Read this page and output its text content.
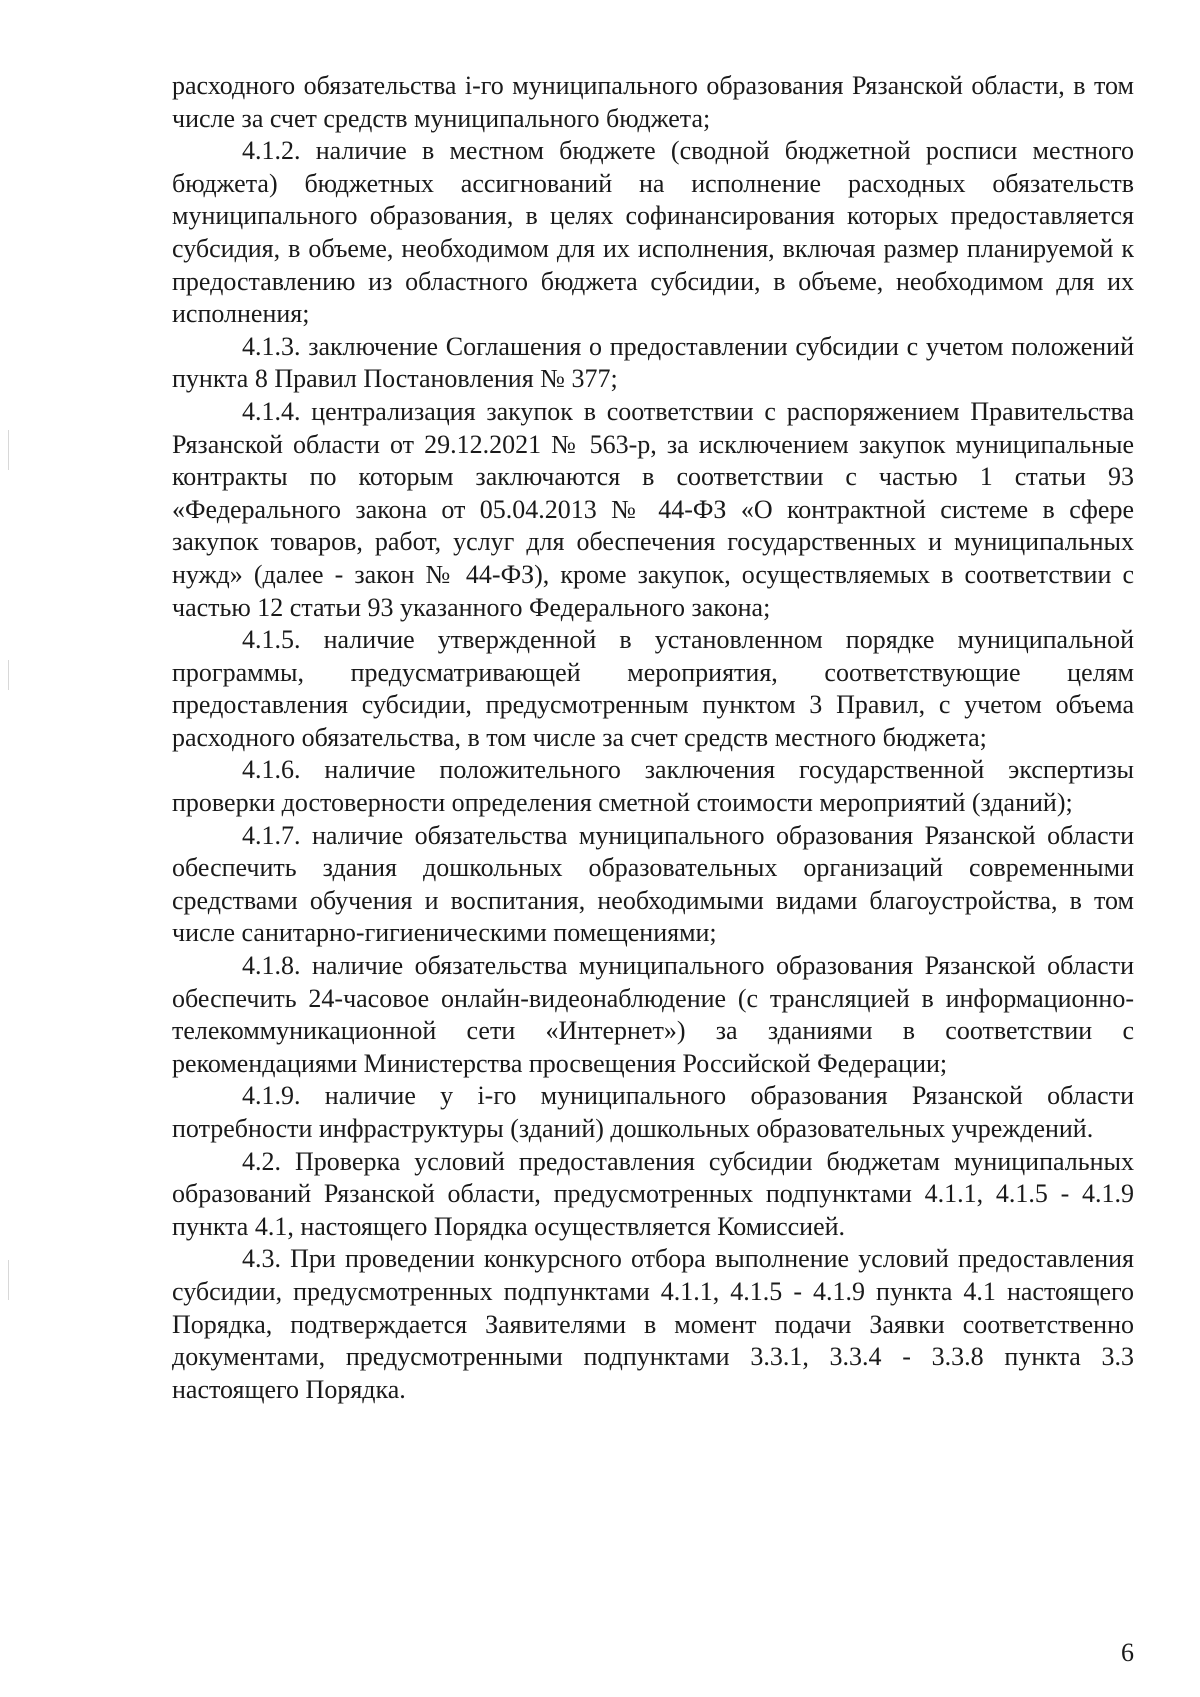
расходного обязательства i-го муниципального образования Рязанской области, в том числе за счет средств муниципального бюджета;

4.1.2. наличие в местном бюджете (сводной бюджетной росписи местного бюджета) бюджетных ассигнований на исполнение расходных обязательств муниципального образования, в целях софинансирования которых предоставляется субсидия, в объеме, необходимом для их исполнения, включая размер планируемой к предоставлению из областного бюджета субсидии, в объеме, необходимом для их исполнения;

4.1.3. заключение Соглашения о предоставлении субсидии с учетом положений пункта 8 Правил Постановления № 377;

4.1.4. централизация закупок в соответствии с распоряжением Правительства Рязанской области от 29.12.2021 № 563-р, за исключением закупок муниципальные контракты по которым заключаются в соответствии с частью 1 статьи 93 «Федерального закона от 05.04.2013 № 44-ФЗ «О контрактной системе в сфере закупок товаров, работ, услуг для обеспечения государственных и муниципальных нужд» (далее - закон № 44-ФЗ), кроме закупок, осуществляемых в соответствии с частью 12 статьи 93 указанного Федерального закона;

4.1.5. наличие утвержденной в установленном порядке муниципальной программы, предусматривающей мероприятия, соответствующие целям предоставления субсидии, предусмотренным пунктом 3 Правил, с учетом объема расходного обязательства, в том числе за счет средств местного бюджета;

4.1.6. наличие положительного заключения государственной экспертизы проверки достоверности определения сметной стоимости мероприятий (зданий);

4.1.7. наличие обязательства муниципального образования Рязанской области обеспечить здания дошкольных образовательных организаций современными средствами обучения и воспитания, необходимыми видами благоустройства, в том числе санитарно-гигиеническими помещениями;

4.1.8. наличие обязательства муниципального образования Рязанской области обеспечить 24-часовое онлайн-видеонаблюдение (с трансляцией в информационно-телекоммуникационной сети «Интернет») за зданиями в соответствии с рекомендациями Министерства просвещения Российской Федерации;

4.1.9. наличие у i-го муниципального образования Рязанской области потребности инфраструктуры (зданий) дошкольных образовательных учреждений.

4.2. Проверка условий предоставления субсидии бюджетам муниципальных образований Рязанской области, предусмотренных подпунктами 4.1.1, 4.1.5 - 4.1.9 пункта 4.1, настоящего Порядка осуществляется Комиссией.

4.3. При проведении конкурсного отбора выполнение условий предоставления субсидии, предусмотренных подпунктами 4.1.1, 4.1.5 - 4.1.9 пункта 4.1 настоящего Порядка, подтверждается Заявителями в момент подачи Заявки соответственно документами, предусмотренными подпунктами 3.3.1, 3.3.4 - 3.3.8 пункта 3.3 настоящего Порядка.

6
